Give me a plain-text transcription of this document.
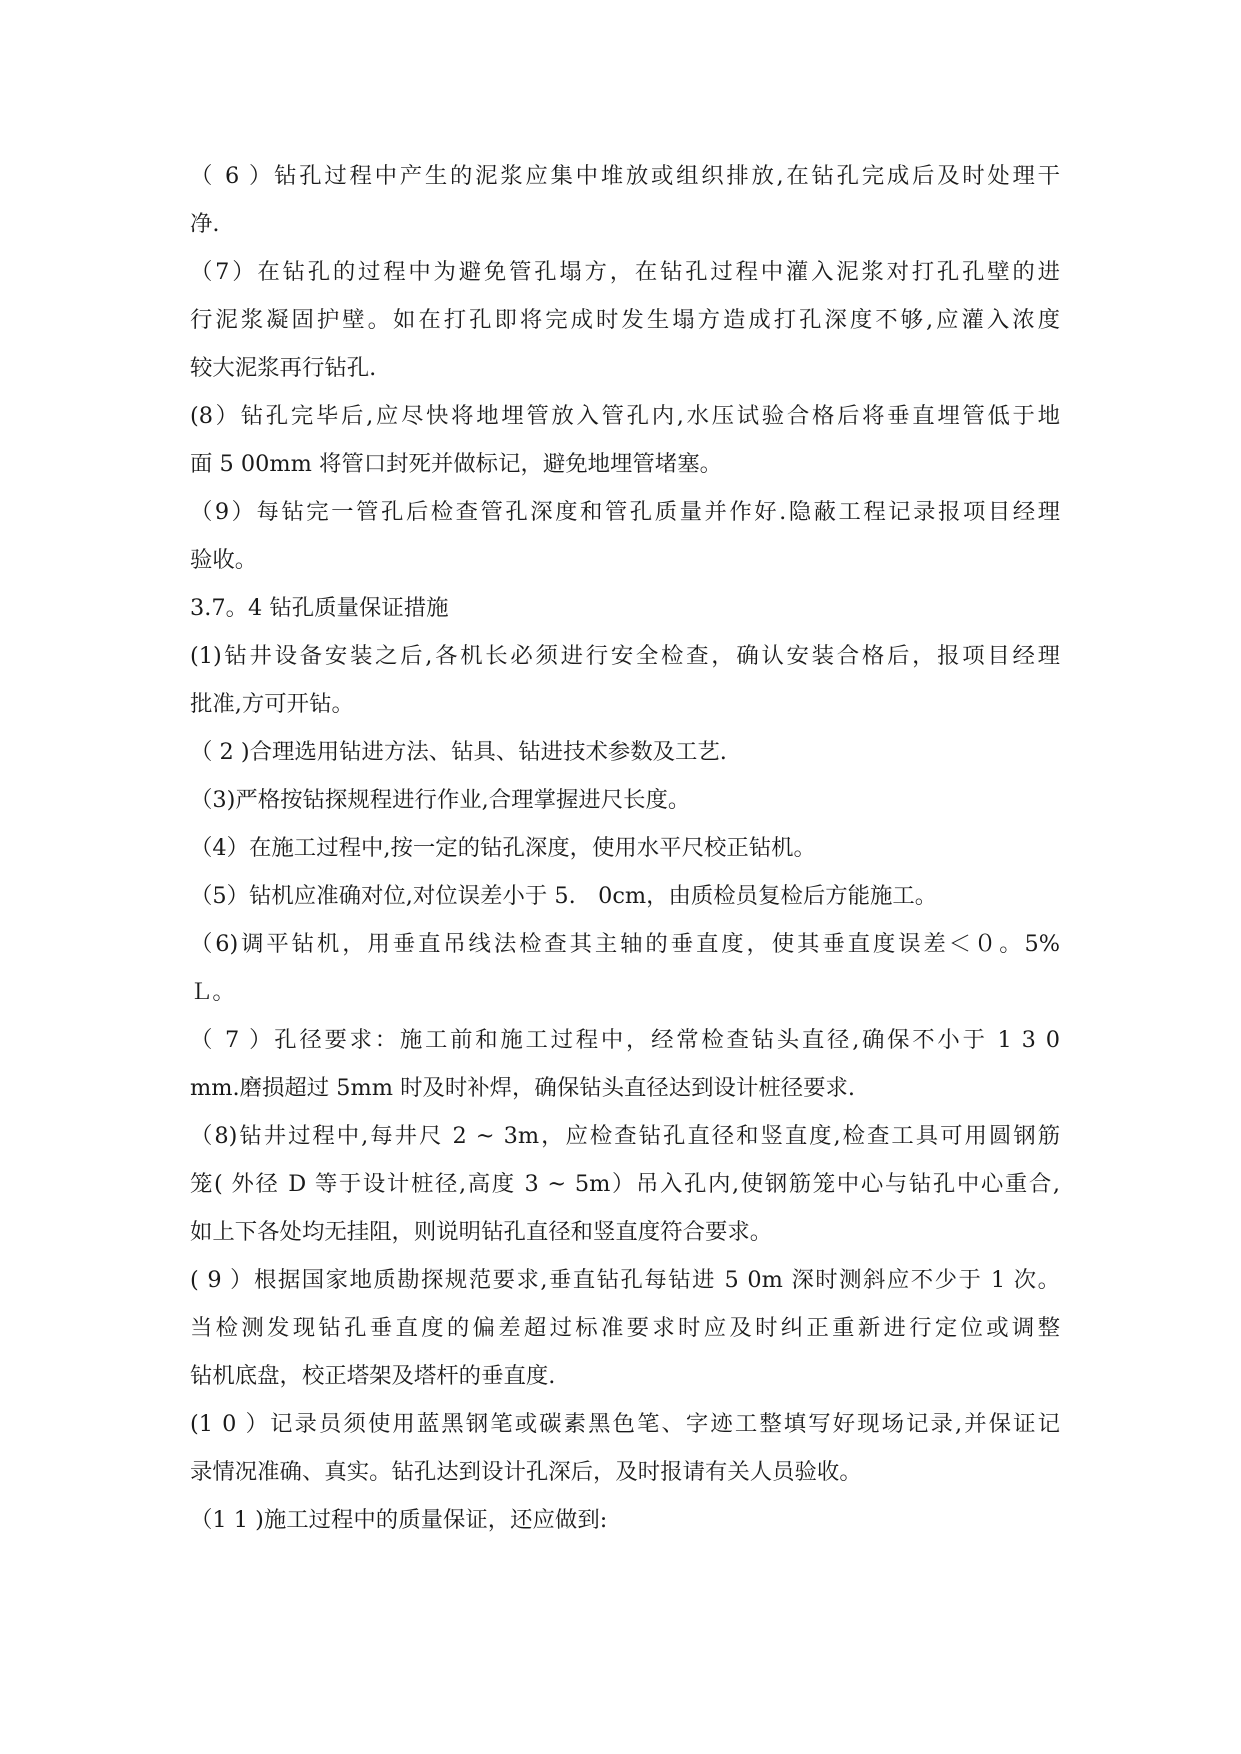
（ 6 ）钻孔过程中产生的泥浆应集中堆放或组织排放,在钻孔完成后及时处理干
净.
（7）在钻孔的过程中为避免管孔塌方，在钻孔过程中灌入泥浆对打孔孔壁的进
行泥浆凝固护壁。如在打孔即将完成时发生塌方造成打孔深度不够,应灌入浓度
较大泥浆再行钻孔.
(8）钻孔完毕后,应尽快将地埋管放入管孔内,水压试验合格后将垂直埋管低于地
面 5 00mm 将管口封死并做标记，避免地埋管堵塞。
（9）每钻完一管孔后检查管孔深度和管孔质量并作好.隐蔽工程记录报项目经理
验收。
3.7。4 钻孔质量保证措施
(1)钻井设备安装之后,各机长必须进行安全检查，确认安装合格后，报项目经理
批准,方可开钻。
（ 2 )合理选用钻进方法、钻具、钻进技术参数及工艺.
（3)严格按钻探规程进行作业,合理掌握进尺长度。
（4）在施工过程中,按一定的钻孔深度，使用水平尺校正钻机。
（5）钻机应准确对位,对位误差小于 5.　0cm，由质检员复检后方能施工。
（6)调平钻机，用垂直吊线法检查其主轴的垂直度，使其垂直度误差＜０。5%
Ｌ。
（ 7 ）孔径要求：施工前和施工过程中，经常检查钻头直径,确保不小于 1 3 0
mm.磨损超过 5mm 时及时补焊，确保钻头直径达到设计桩径要求.
（8)钻井过程中,每井尺 2 ~ 3m，应检查钻孔直径和竖直度,检查工具可用圆钢筋
笼( 外径 D 等于设计桩径,高度 3 ~ 5m）吊入孔内,使钢筋笼中心与钻孔中心重合,
如上下各处均无挂阻，则说明钻孔直径和竖直度符合要求。
( 9 ）根据国家地质勘探规范要求,垂直钻孔每钻进 5 0m 深时测斜应不少于 1 次。
当检测发现钻孔垂直度的偏差超过标准要求时应及时纠正重新进行定位或调整
钻机底盘，校正塔架及塔杆的垂直度.
(1 0 ）记录员须使用蓝黑钢笔或碳素黑色笔、字迹工整填写好现场记录,并保证记
录情况准确、真实。钻孔达到设计孔深后，及时报请有关人员验收。
（1 1 )施工过程中的质量保证，还应做到:
